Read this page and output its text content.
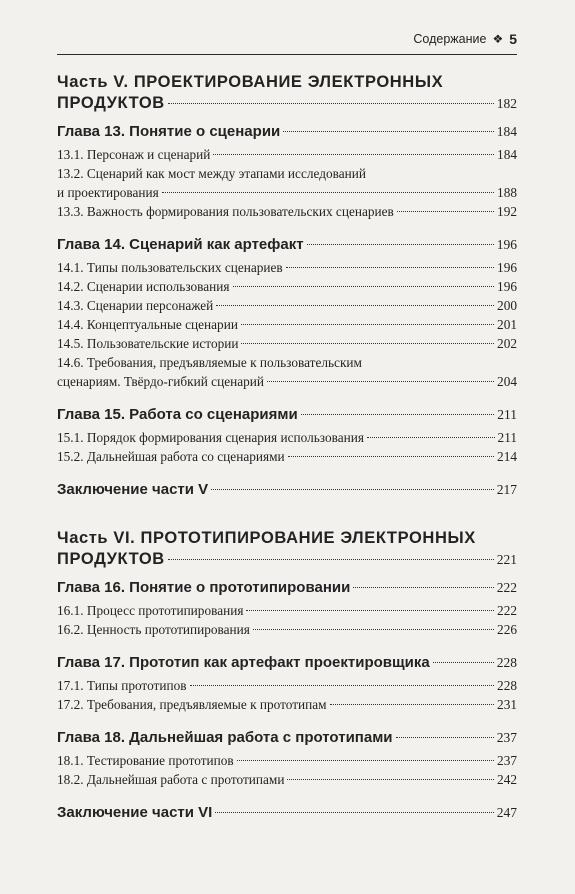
Содержание ❖ 5
Часть V. ПРОЕКТИРОВАНИЕ ЭЛЕКТРОННЫХ
ПРОДУКТОВ	182
Глава 13. Понятие о сценарии	184
13.1. Персонаж и сценарий	184
13.2. Сценарий как мост между этапами исследований
и проектирования	188
13.3. Важность формирования пользовательских сценариев	192
Глава 14. Сценарий как артефакт	196
14.1. Типы пользовательских сценариев	196
14.2. Сценарии использования	196
14.3. Сценарии персонажей	200
14.4. Концептуальные сценарии	201
14.5. Пользовательские истории	202
14.6. Требования, предъявляемые к пользовательским
сценариям. Твёрдо-гибкий сценарий	204
Глава 15. Работа со сценариями	211
15.1. Порядок формирования сценария использования	211
15.2. Дальнейшая работа со сценариями	214
Заключение части V	217
Часть VI. ПРОТОТИПИРОВАНИЕ ЭЛЕКТРОННЫХ
ПРОДУКТОВ	221
Глава 16. Понятие о прототипировании	222
16.1. Процесс прототипирования	222
16.2. Ценность прототипирования	226
Глава 17. Прототип как артефакт проектировщика	228
17.1. Типы прототипов	228
17.2. Требования, предъявляемые к прототипам	231
Глава 18. Дальнейшая работа с прототипами	237
18.1. Тестирование прототипов	237
18.2. Дальнейшая работа с прототипами	242
Заключение части VI	247
